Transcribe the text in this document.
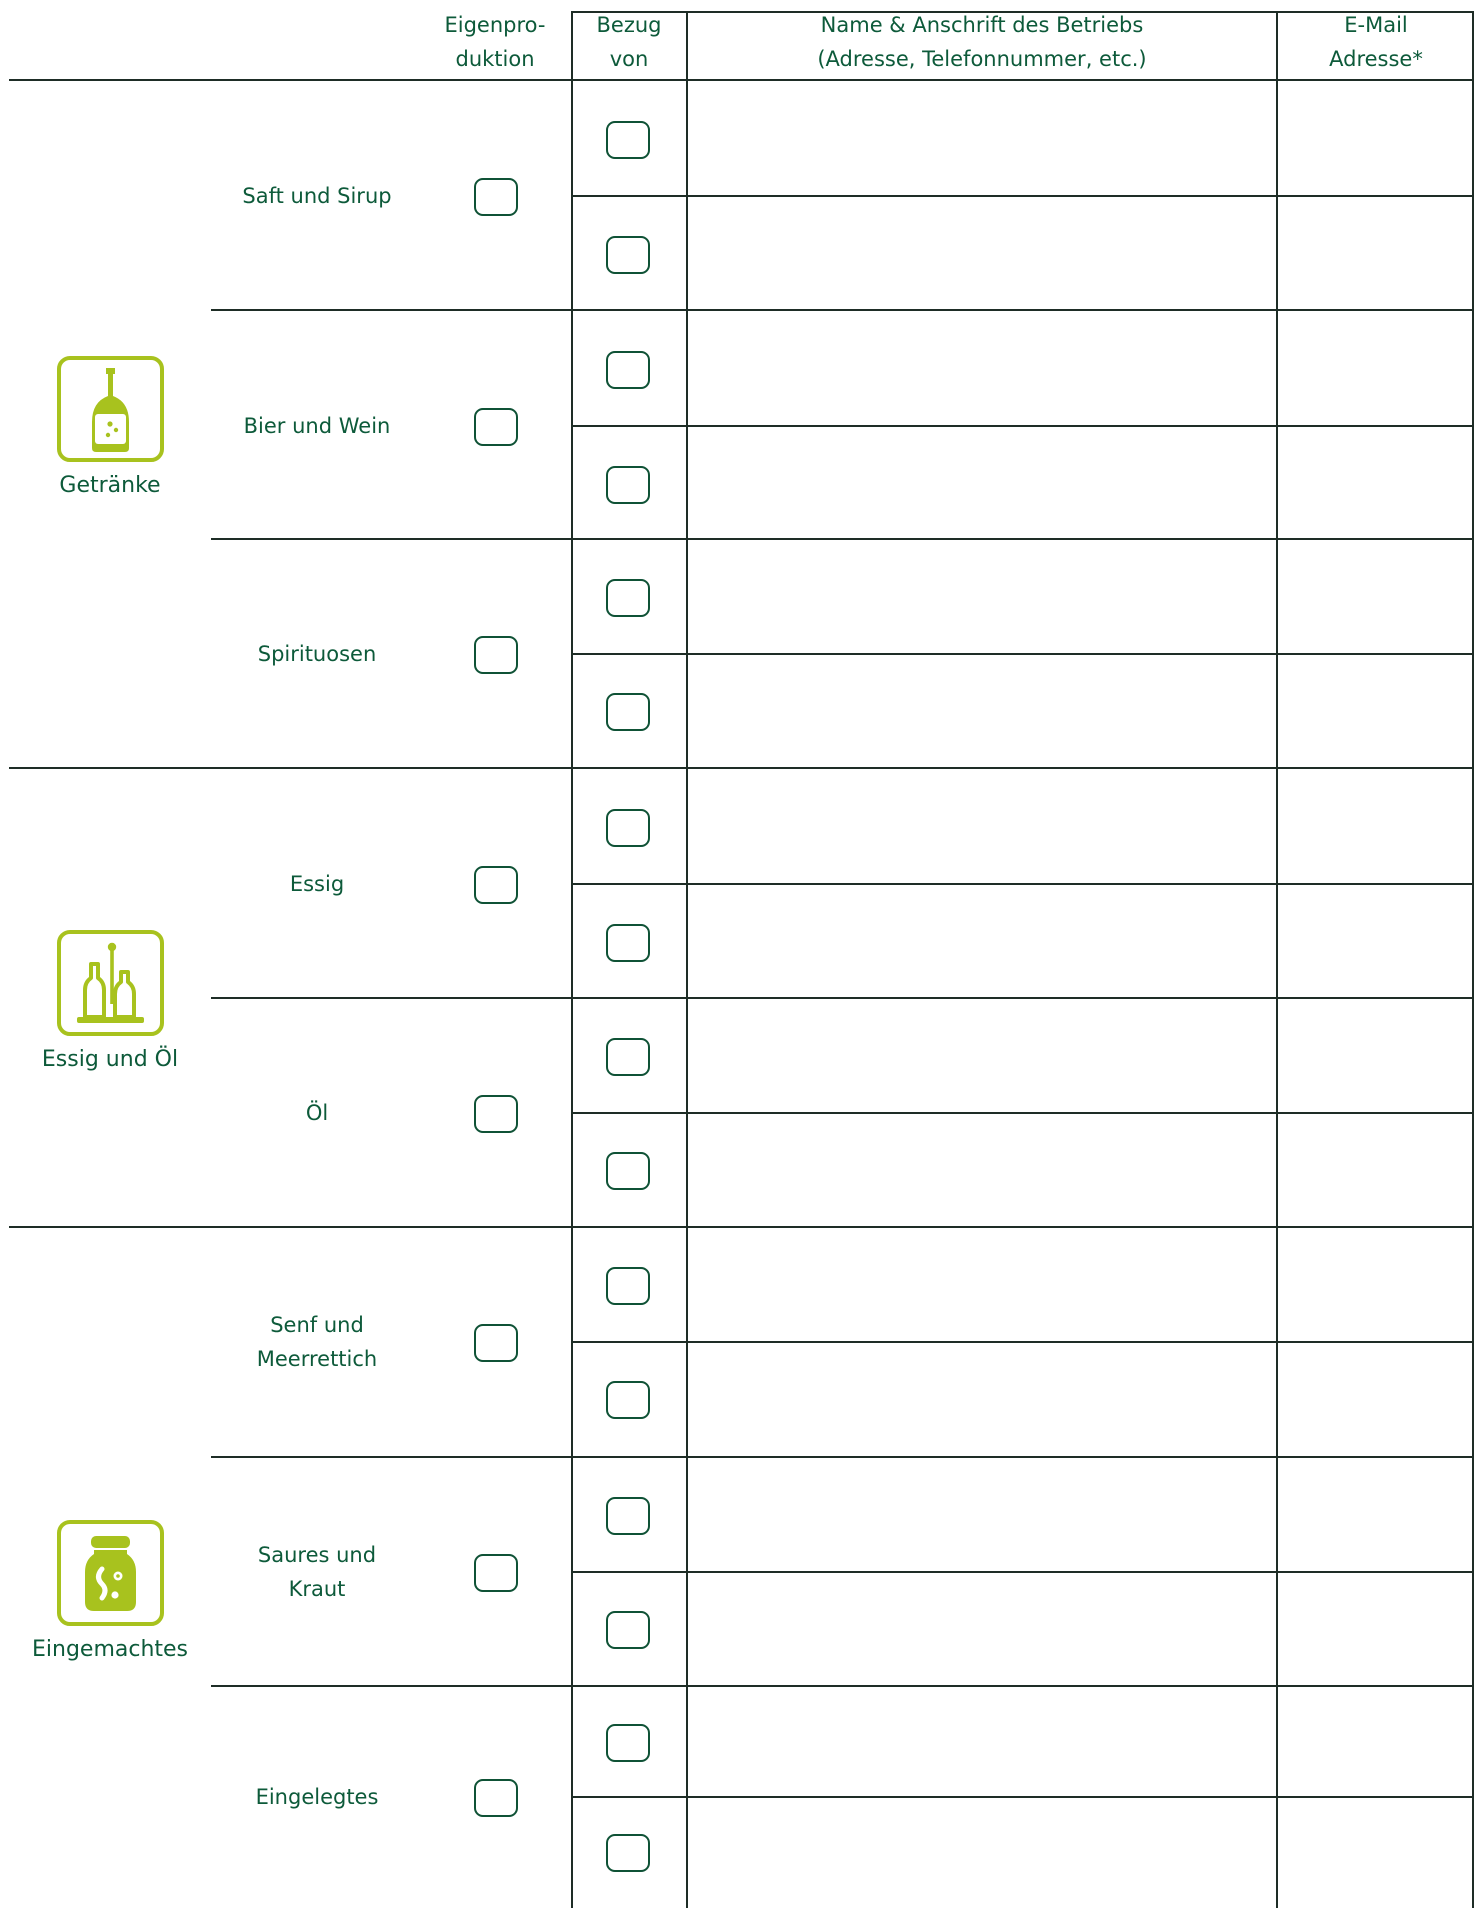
Eigenpro-
duktion
Bezug
von
Name & Anschrift des Betriebs
(Adresse, Telefonnummer, etc.)
E-Mail
Adresse*
Getränke
Essig und Öl
Eingemachtes
Saft und Sirup
Bier und Wein
Spirituosen
Essig
Öl
Senf und
Meerrettich
Saures und
Kraut
Eingelegtes
